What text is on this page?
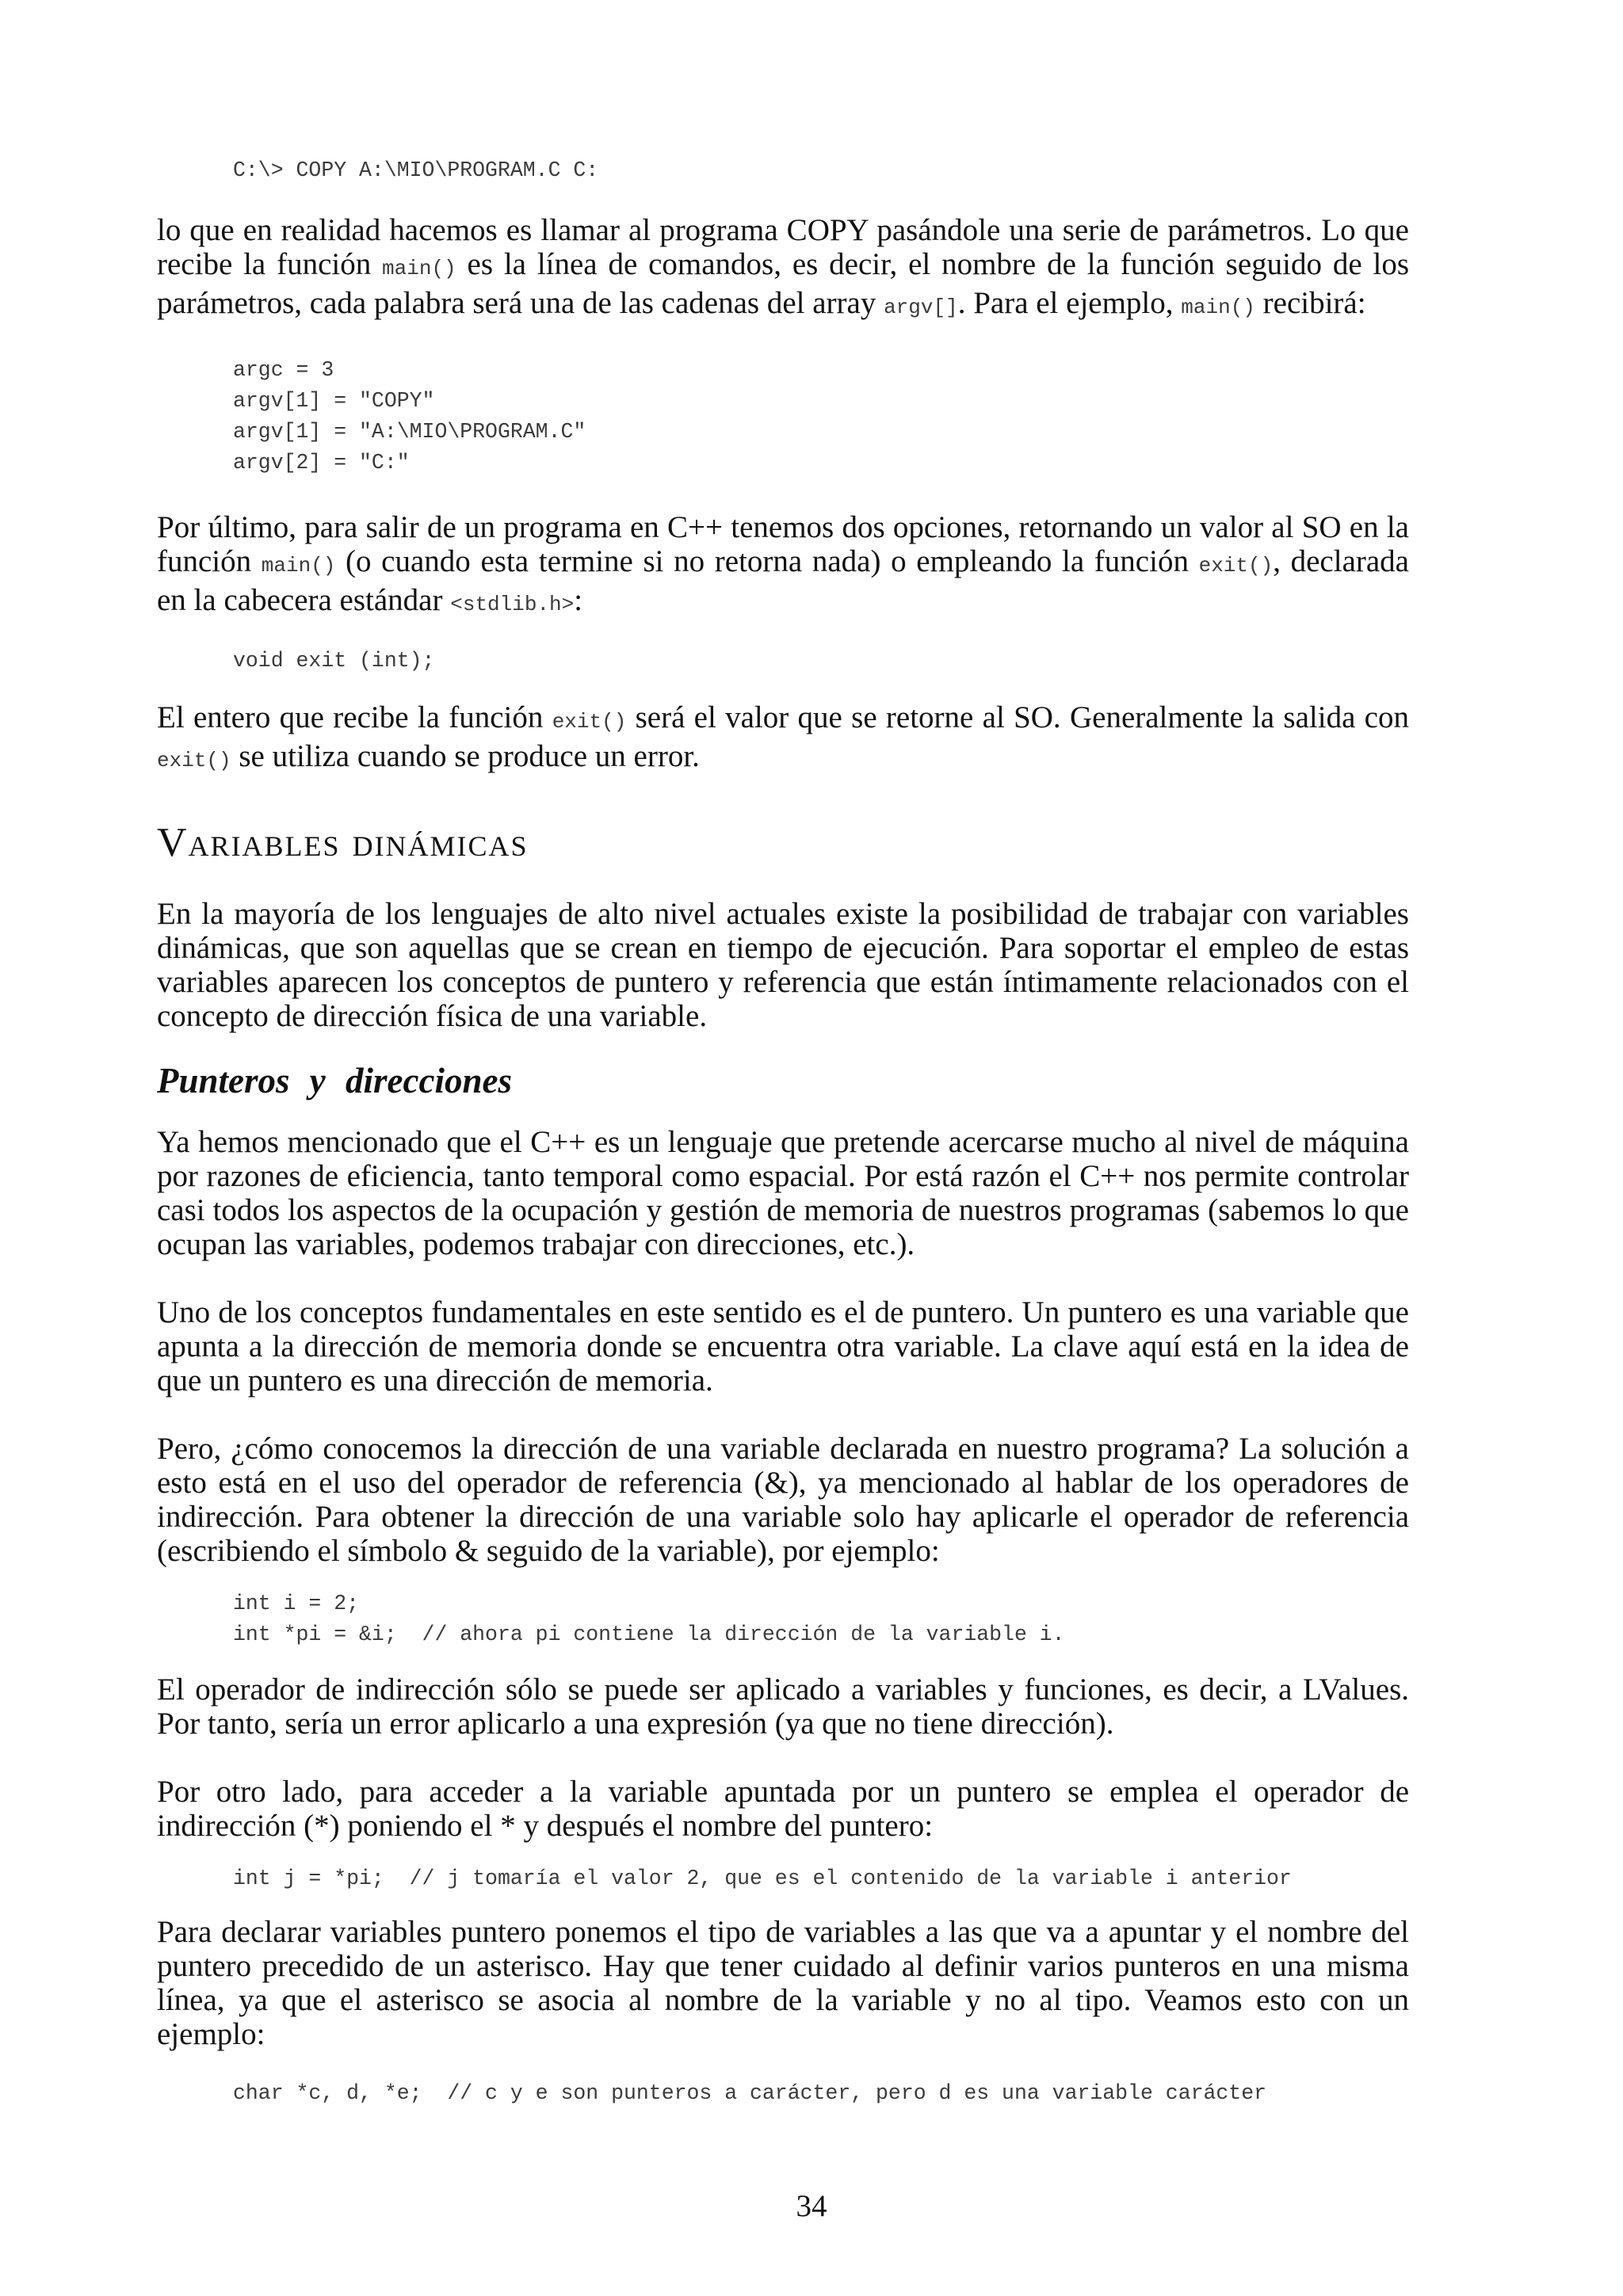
C:\> COPY A:\MIO\PROGRAM.C C:

lo que en realidad hacemos es llamar al programa COPY pasándole una serie de parámetros. Lo que recibe la función main() es la línea de comandos, es decir, el nombre de la función seguido de los parámetros, cada palabra será una de las cadenas del array argv[]. Para el ejemplo, main() recibirá:

argc = 3
argv[1] = "COPY"
argv[1] = "A:\MIO\PROGRAM.C"
argv[2] = "C:"

Por último, para salir de un programa en C++ tenemos dos opciones, retornando un valor al SO en la función main() (o cuando esta termine si no retorna nada) o empleando la función exit(), declarada en la cabecera estándar <stdlib.h>:

void exit (int);

El entero que recibe la función exit() será el valor que se retorne al SO. Generalmente la salida con exit() se utiliza cuando se produce un error.

Variables dinámicas

En la mayoría de los lenguajes de alto nivel actuales existe la posibilidad de trabajar con variables dinámicas, que son aquellas que se crean en tiempo de ejecución. Para soportar el empleo de estas variables aparecen los conceptos de puntero y referencia que están íntimamente relacionados con el concepto de dirección física de una variable.

Punteros y direcciones

Ya hemos mencionado que el C++ es un lenguaje que pretende acercarse mucho al nivel de máquina por razones de eficiencia, tanto temporal como espacial. Por está razón el C++ nos permite controlar casi todos los aspectos de la ocupación y gestión de memoria de nuestros programas (sabemos lo que ocupan las variables, podemos trabajar con direcciones, etc.).

Uno de los conceptos fundamentales en este sentido es el de puntero. Un puntero es una variable que apunta a la dirección de memoria donde se encuentra otra variable. La clave aquí está en la idea de que un puntero es una dirección de memoria.

Pero, ¿cómo conocemos la dirección de una variable declarada en nuestro programa? La solución a esto está en el uso del operador de referencia (&), ya mencionado al hablar de los operadores de indirección. Para obtener la dirección de una variable solo hay aplicarle el operador de referencia (escribiendo el símbolo & seguido de la variable), por ejemplo:

int i = 2;
int *pi = &i;  // ahora pi contiene la dirección de la variable i.

El operador de indirección sólo se puede ser aplicado a variables y funciones, es decir, a LValues. Por tanto, sería un error aplicarlo a una expresión (ya que no tiene dirección).

Por otro lado, para acceder a la variable apuntada por un puntero se emplea el operador de indirección (*) poniendo el * y después el nombre del puntero:

int j = *pi;  // j tomaría el valor 2, que es el contenido de la variable i anterior

Para declarar variables puntero ponemos el tipo de variables a las que va a apuntar y el nombre del puntero precedido de un asterisco. Hay que tener cuidado al definir varios punteros en una misma línea, ya que el asterisco se asocia al nombre de la variable y no al tipo. Veamos esto con un ejemplo:

char *c, d, *e;  // c y e son punteros a carácter, pero d es una variable carácter
34
